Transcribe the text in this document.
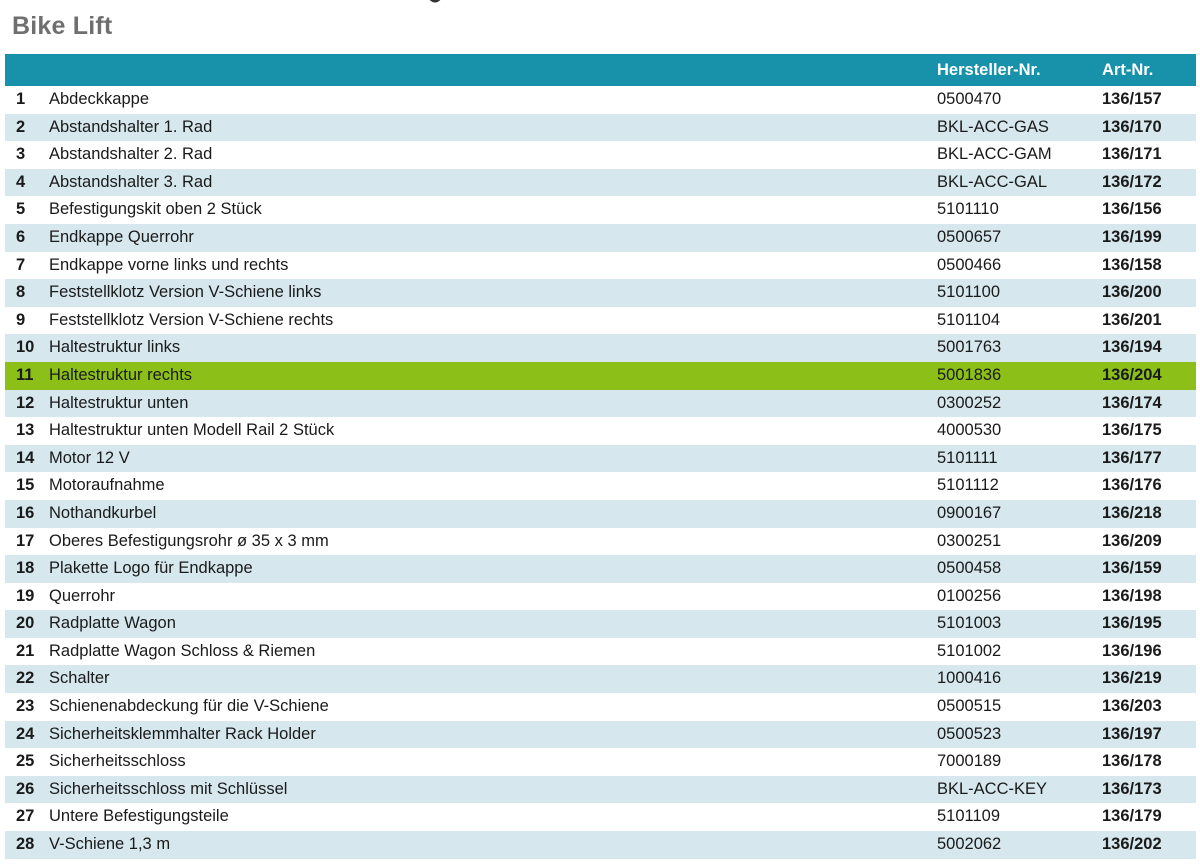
Bike Lift
		Hersteller-Nr.	Art-Nr.
1	Abdeckkappe	0500470	136/157
2	Abstandshalter 1. Rad	BKL-ACC-GAS	136/170
3	Abstandshalter 2. Rad	BKL-ACC-GAM	136/171
4	Abstandshalter 3. Rad	BKL-ACC-GAL	136/172
5	Befestigungskit oben 2 Stück	5101110	136/156
6	Endkappe Querrohr	0500657	136/199
7	Endkappe vorne links und rechts	0500466	136/158
8	Feststellklotz Version V-Schiene links	5101100	136/200
9	Feststellklotz Version V-Schiene rechts	5101104	136/201
10	Haltestruktur links	5001763	136/194
11	Haltestruktur rechts	5001836	136/204
12	Haltestruktur unten	0300252	136/174
13	Haltestruktur unten Modell Rail 2 Stück	4000530	136/175
14	Motor 12 V	5101111	136/177
15	Motoraufnahme	5101112	136/176
16	Nothandkurbel	0900167	136/218
17	Oberes Befestigungsrohr ø 35 x 3 mm	0300251	136/209
18	Plakette Logo für Endkappe	0500458	136/159
19	Querrohr	0100256	136/198
20	Radplatte Wagon	5101003	136/195
21	Radplatte Wagon Schloss & Riemen	5101002	136/196
22	Schalter	1000416	136/219
23	Schienenabdeckung für die V-Schiene	0500515	136/203
24	Sicherheitsklemmhalter Rack Holder	0500523	136/197
25	Sicherheitsschloss	7000189	136/178
26	Sicherheitsschloss mit Schlüssel	BKL-ACC-KEY	136/173
27	Untere Befestigungsteile	5101109	136/179
28	V-Schiene 1,3 m	5002062	136/202
